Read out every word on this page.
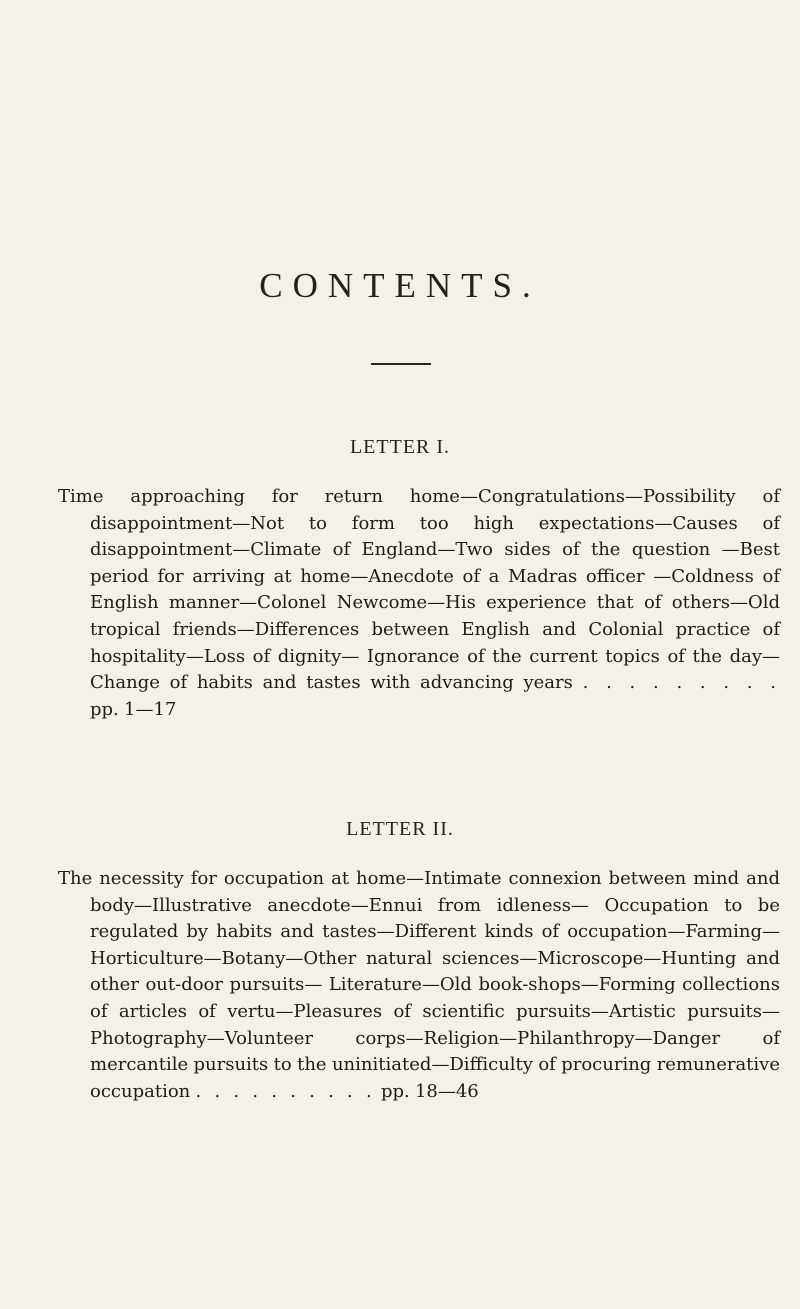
CONTENTS.

LETTER I.

Time approaching for return home—Congratulations—Possibility of disappointment—Not to form too high expectations—Causes of disappointment—Climate of England—Two sides of the question —Best period for arriving at home—Anecdote of a Madras officer —Coldness of English manner—Colonel Newcome—His experience that of others—Old tropical friends—Differences between English and Colonial practice of hospitality—Loss of dignity— Ignorance of the current topics of the day—Change of habits and tastes with advancing years . . . . . . . . . pp. 1—17

LETTER II.

The necessity for occupation at home—Intimate connexion between mind and body—Illustrative anecdote—Ennui from idleness— Occupation to be regulated by habits and tastes—Different kinds of occupation—Farming—Horticulture—Botany—Other natural sciences—Microscope—Hunting and other out-door pursuits— Literature—Old book-shops—Forming collections of articles of vertu—Pleasures of scientific pursuits—Artistic pursuits—Photography—Volunteer corps—Religion—Philanthropy—Danger of mercantile pursuits to the uninitiated—Difficulty of procuring remunerative occupation . . . . . . . . . . pp. 18—46
